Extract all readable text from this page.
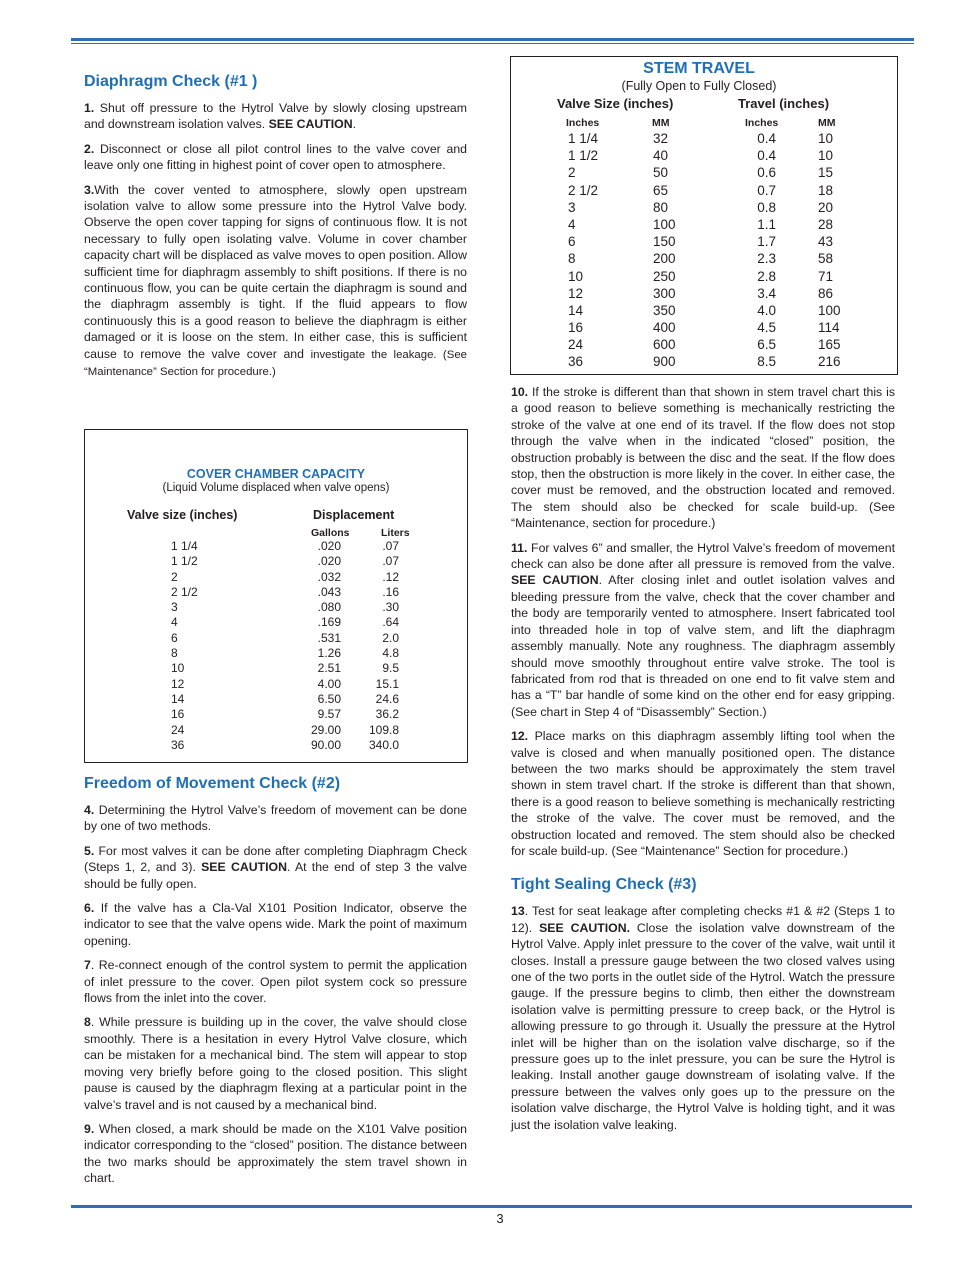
Diaphragm Check (#1 )

1. Shut off pressure to the Hytrol Valve by slowly closing upstream and downstream isolation valves. SEE CAUTION.

2. Disconnect or close all pilot control lines to the valve cover and leave only one fitting in highest point of cover open to atmosphere.

3.With the cover vented to atmosphere, slowly open upstream isolation valve to allow some pressure into the Hytrol Valve body. Observe the open cover tapping for signs of continuous flow. It is not necessary to fully open isolating valve. Volume in cover chamber capacity chart will be displaced as valve moves to open position. Allow sufficient time for diaphragm assembly to shift positions. If there is no continuous flow, you can be quite certain the diaphragm is sound and the diaphragm assembly is tight. If the fluid appears to flow continuously this is a good reason to believe the diaphragm is either damaged or it is loose on the stem. In either case, this is sufficient cause to remove the valve cover and investigate the leakage. (See “Maintenance” Section for procedure.)

COVER CHAMBER CAPACITY
(Liquid Volume displaced when valve opens)
Valve size (inches)	Displacement
Gallons	Liters
1 1/4	.020	.07
1 1/2	.020	.07
2	.032	.12
2 1/2	.043	.16
3	.080	.30
4	.169	.64
6	.531	2.0
8	1.26	4.8
10	2.51	9.5
12	4.00	15.1
14	6.50	24.6
16	9.57	36.2
24	29.00	109.8
36	90.00	340.0
Freedom of Movement Check (#2)

4. Determining the Hytrol Valve’s freedom of movement can be done by one of two methods.

5. For most valves it can be done after completing Diaphragm Check (Steps 1, 2, and 3). SEE CAUTION. At the end of step 3 the valve should be fully open.

6. If the valve has a Cla-Val X101 Position Indicator, observe the indicator to see that the valve opens wide. Mark the point of maximum opening.

7. Re-connect enough of the control system to permit the application of inlet pressure to the cover. Open pilot system cock so pressure flows from the inlet into the cover.

8. While pressure is building up in the cover, the valve should close smoothly. There is a hesitation in every Hytrol Valve closure, which can be mistaken for a mechanical bind. The stem will appear to stop moving very briefly before going to the closed position. This slight pause is caused by the diaphragm flexing at a particular point in the valve’s travel and is not caused by a mechanical bind.

9. When closed, a mark should be made on the X101 Valve position indicator corresponding to the “closed” position. The distance between the two marks should be approximately the stem travel shown in chart.

STEM TRAVEL
(Fully Open to Fully Closed)
Valve Size (inches)	Travel (inches)
Inches	MM	Inches	MM
1 1/4	32	0.4	10
1 1/2	40	0.4	10
2	50	0.6	15
2 1/2	65	0.7	18
3	80	0.8	20
4	100	1.1	28
6	150	1.7	43
8	200	2.3	58
10	250	2.8	71
12	300	3.4	86
14	350	4.0	100
16	400	4.5	114
24	600	6.5	165
36	900	8.5	216

10. If the stroke is different than that shown in stem travel chart this is a good reason to believe something is mechanically restricting the stroke of the valve at one end of its travel. If the flow does not stop through the valve when in the indicated “closed” position, the obstruction probably is between the disc and the seat. If the flow does stop, then the obstruction is more likely in the cover. In either case, the cover must be removed, and the obstruction located and removed. The stem should also be checked for scale build-up. (See “Maintenance, section for procedure.)

11. For valves 6” and smaller, the Hytrol Valve’s freedom of movement check can also be done after all pressure is removed from the valve. SEE CAUTION. After closing inlet and outlet isolation valves and bleeding pressure from the valve, check that the cover chamber and the body are temporarily vented to atmosphere. Insert fabricated tool into threaded hole in top of valve stem, and lift the diaphragm assembly manually. Note any roughness. The diaphragm assembly should move smoothly throughout entire valve stroke. The tool is fabricated from rod that is threaded on one end to fit valve stem and has a “T” bar handle of some kind on the other end for easy gripping. (See chart in Step 4 of “Disassembly” Section.)

12. Place marks on this diaphragm assembly lifting tool when the valve is closed and when manually positioned open. The distance between the two marks should be approximately the stem travel shown in stem travel chart. If the stroke is different than that shown, there is a good reason to believe something is mechanically restricting the stroke of the valve. The cover must be removed, and the obstruction located and removed. The stem should also be checked for scale build-up. (See “Maintenance” Section for procedure.)

Tight Sealing Check (#3)

13. Test for seat leakage after completing checks #1 & #2 (Steps 1 to 12). SEE CAUTION. Close the isolation valve downstream of the Hytrol Valve. Apply inlet pressure to the cover of the valve, wait until it closes. Install a pressure gauge between the two closed valves using one of the two ports in the outlet side of the Hytrol. Watch the pressure gauge. If the pressure begins to climb, then either the downstream isolation valve is permitting pressure to creep back, or the Hytrol is allowing pressure to go through it. Usually the pressure at the Hytrol inlet will be higher than on the isolation valve discharge, so if the pressure goes up to the inlet pressure, you can be sure the Hytrol is leaking. Install another gauge downstream of isolating valve. If the pressure between the valves only goes up to the pressure on the isolation valve discharge, the Hytrol Valve is holding tight, and it was just the isolation valve leaking.

3
